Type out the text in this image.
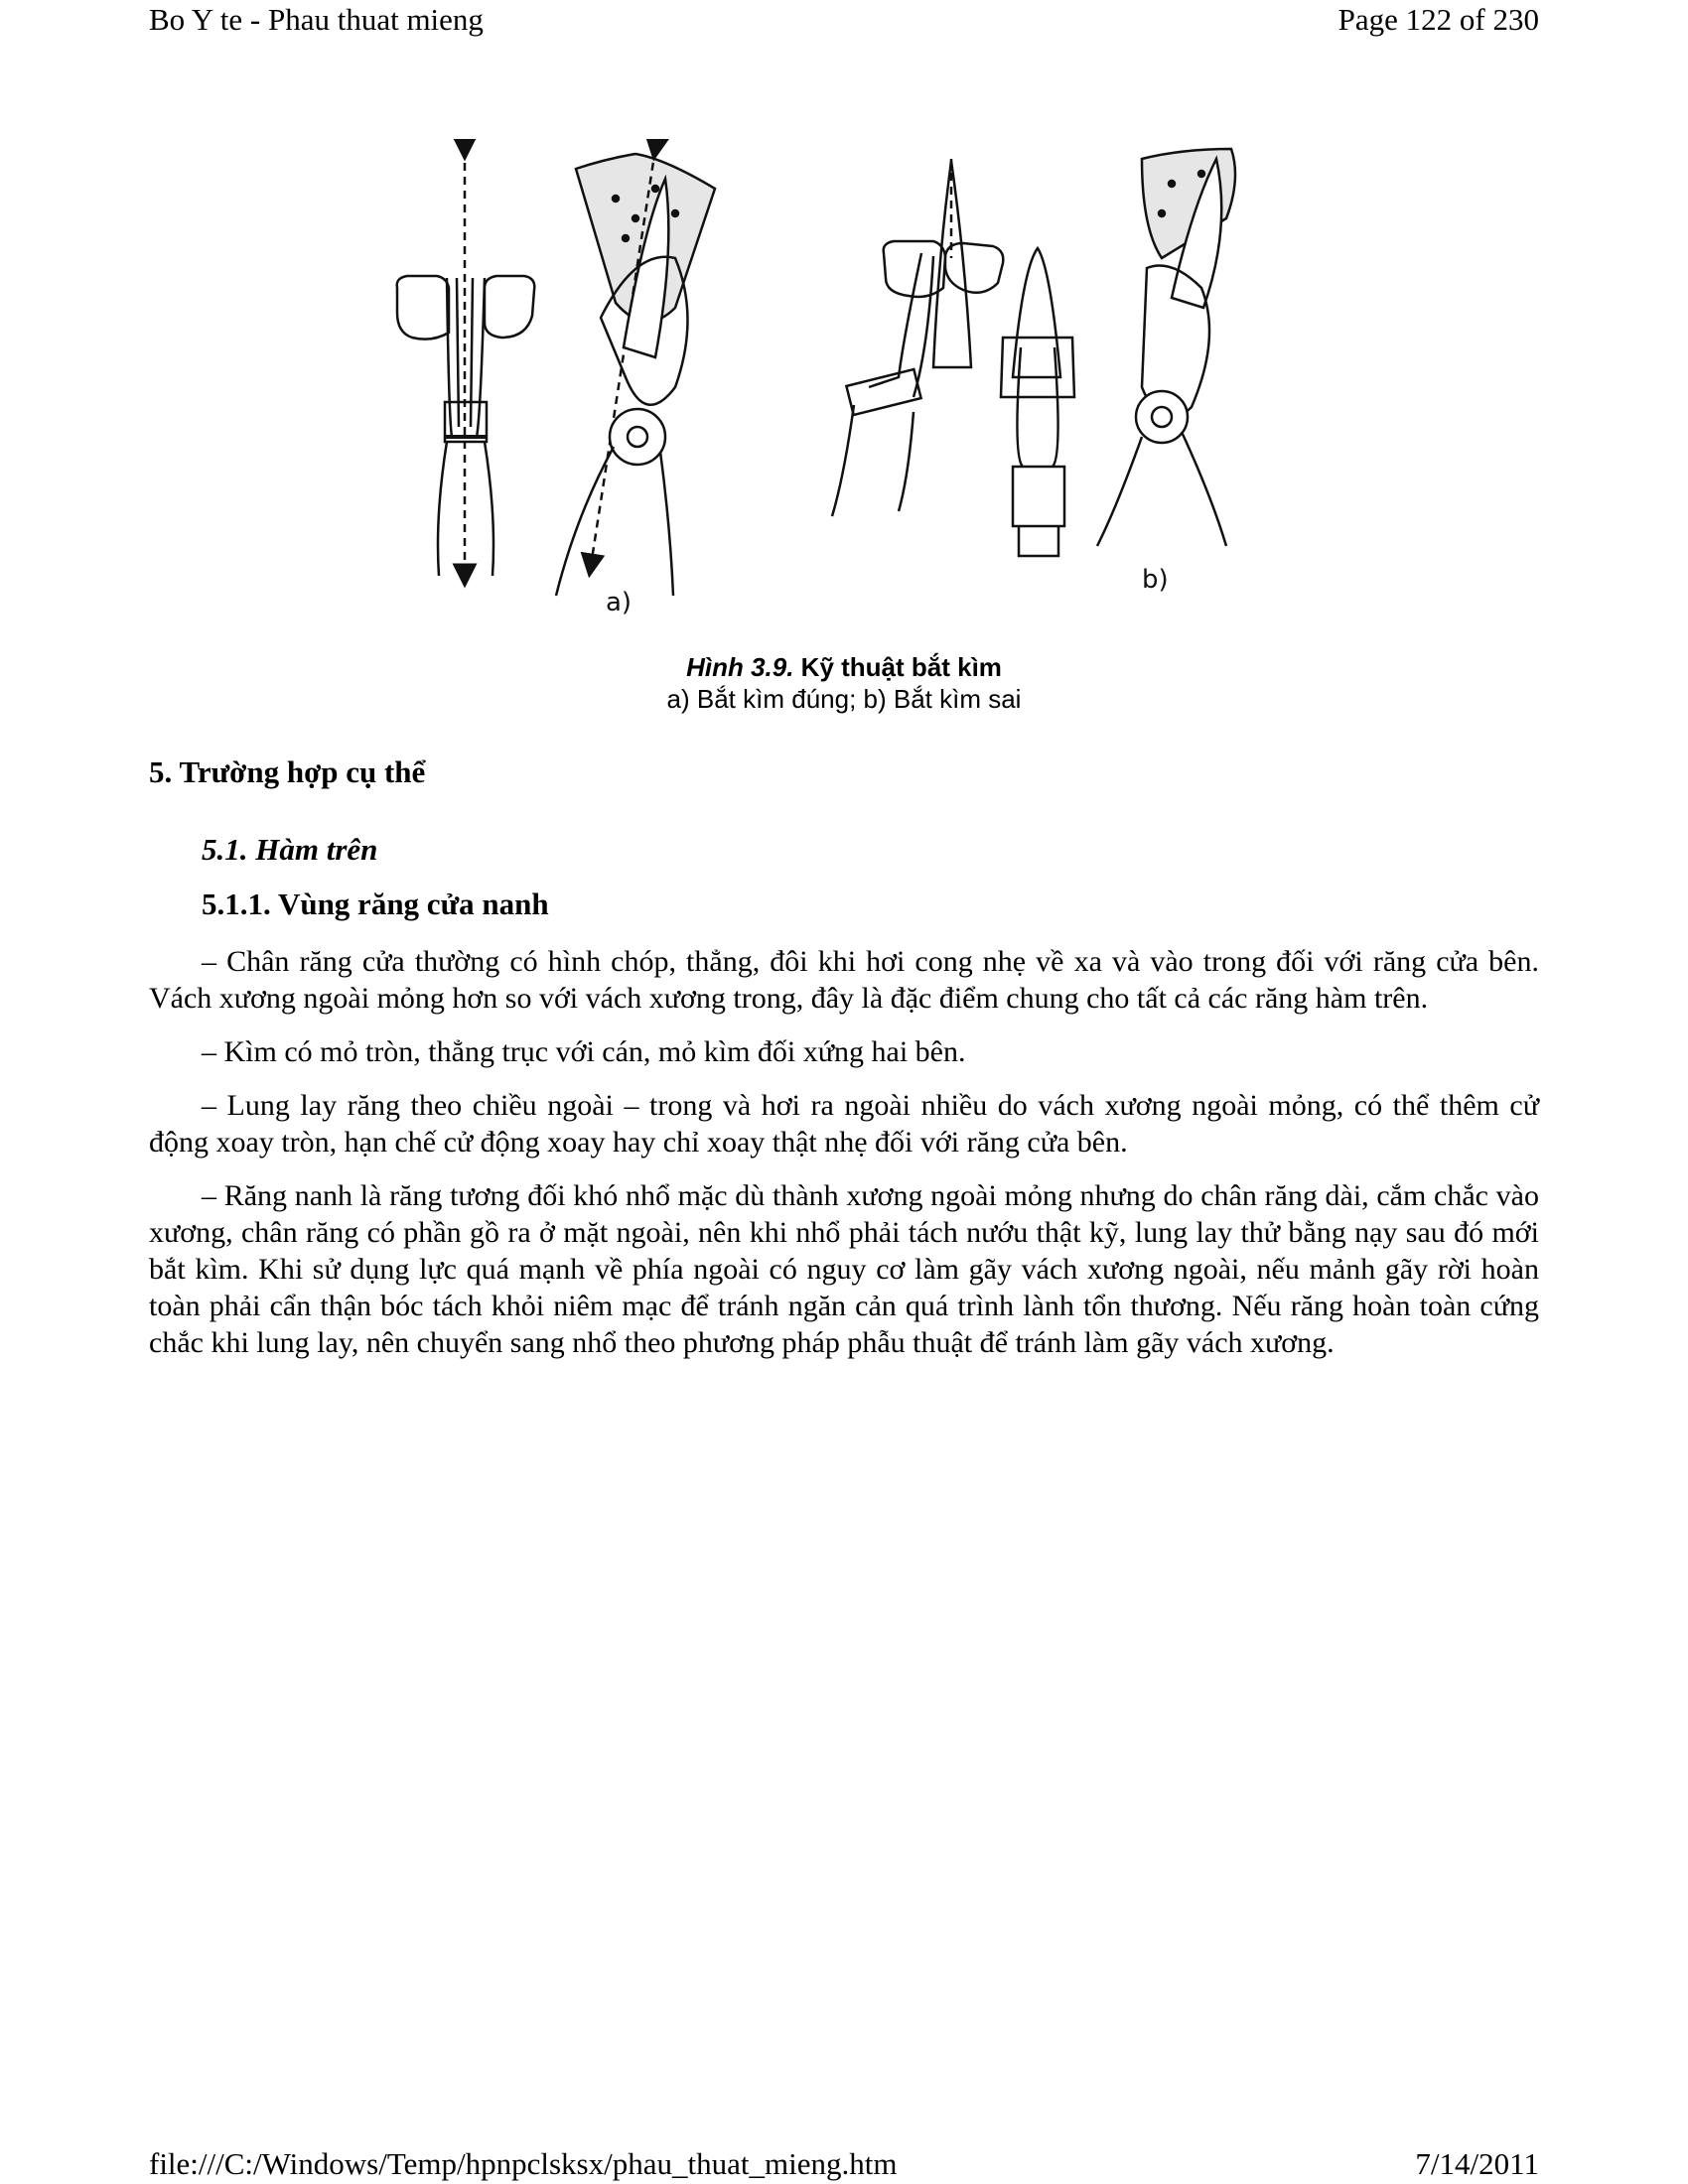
Bo Y te - Phau thuat mieng	Page 122 of 230
a)
b)
Hình 3.9. Kỹ thuật bắt kìm
a) Bắt kìm đúng; b) Bắt kìm sai
5. Trường hợp cụ thể
5.1. Hàm trên
5.1.1. Vùng răng cửa nanh

– Chân răng cửa thường có hình chóp, thẳng, đôi khi hơi cong nhẹ về xa và vào trong đối với răng cửa bên. Vách xương ngoài mỏng hơn so với vách xương trong, đây là đặc điểm chung cho tất cả các răng hàm trên.

– Kìm có mỏ tròn, thẳng trục với cán, mỏ kìm đối xứng hai bên.

– Lung lay răng theo chiều ngoài – trong và hơi ra ngoài nhiều do vách xương ngoài mỏng, có thể thêm cử động xoay tròn, hạn chế cử động xoay hay chỉ xoay thật nhẹ đối với răng cửa bên.

– Răng nanh là răng tương đối khó nhổ mặc dù thành xương ngoài mỏng nhưng do chân răng dài, cắm chắc vào xương, chân răng có phần gồ ra ở mặt ngoài, nên khi nhổ phải tách nướu thật kỹ, lung lay thử bằng nạy sau đó mới bắt kìm. Khi sử dụng lực quá mạnh về phía ngoài có nguy cơ làm gãy vách xương ngoài, nếu mảnh gãy rời hoàn toàn phải cẩn thận bóc tách khỏi niêm mạc để tránh ngăn cản quá trình lành tổn thương. Nếu răng hoàn toàn cứng chắc khi lung lay, nên chuyển sang nhổ theo phương pháp phẫu thuật để tránh làm gãy vách xương.

file:///C:/Windows/Temp/hpnpclsksx/phau_thuat_mieng.htm	7/14/2011
